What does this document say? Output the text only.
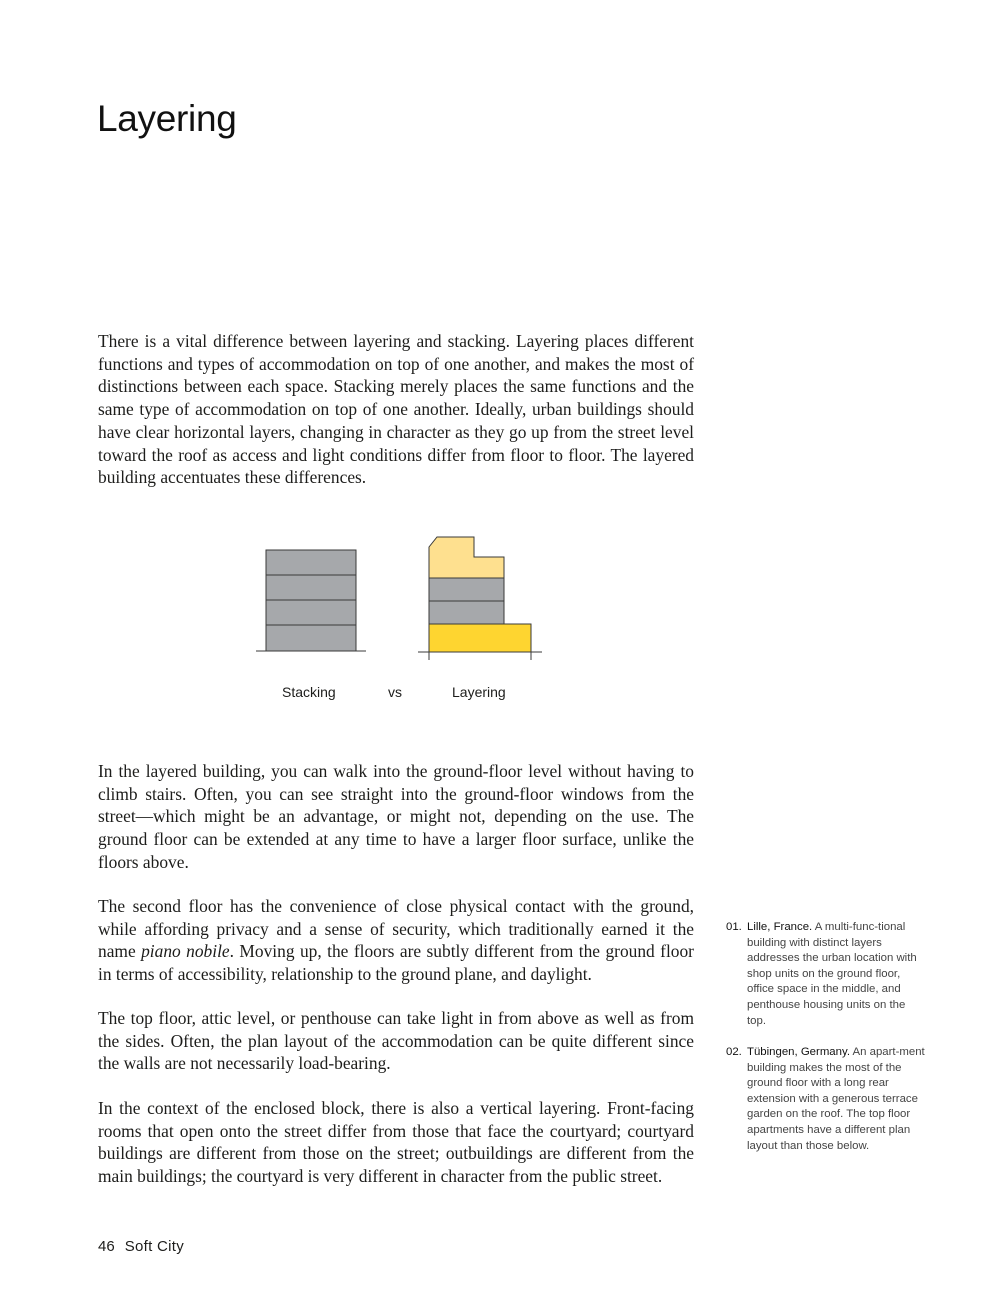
Layering

There is a vital difference between layering and stacking. Layering places different functions and types of accommodation on top of one another, and makes the most of distinctions between each space. Stacking merely places the same functions and the same type of accommodation on top of one another. Ideally, urban buildings should have clear horizontal layers, changing in character as they go up from the street level toward the roof as access and light conditions differ from floor to floor. The layered building accentuates these differences.

Stacking	vs	Layering

In the layered building, you can walk into the ground-floor level without having to climb stairs. Often, you can see straight into the ground-floor windows from the street—which might be an advantage, or might not, depending on the use. The ground floor can be extended at any time to have a larger floor surface, unlike the floors above.

The second floor has the convenience of close physical contact with the ground, while affording privacy and a sense of security, which traditionally earned it the name piano nobile. Moving up, the floors are subtly different from the ground floor in terms of accessibility, relationship to the ground plane, and daylight.

The top floor, attic level, or penthouse can take light in from above as well as from the sides. Often, the plan layout of the accommodation can be quite different since the walls are not necessarily load-bearing.

In the context of the enclosed block, there is also a vertical layering. Front-facing rooms that open onto the street differ from those that face the courtyard; courtyard buildings are different from those on the street; outbuildings are different from the main buildings; the courtyard is very different in character from the public street.

01. Lille, France. A multi-func-tional building with distinct layers addresses the urban location with shop units on the ground floor, office space in the middle, and penthouse housing units on the top.
02. Tübingen, Germany. An apart-ment building makes the most of the ground floor with a long rear extension with a generous terrace garden on the roof. The top floor apartments have a different plan layout than those below.
46 Soft City
